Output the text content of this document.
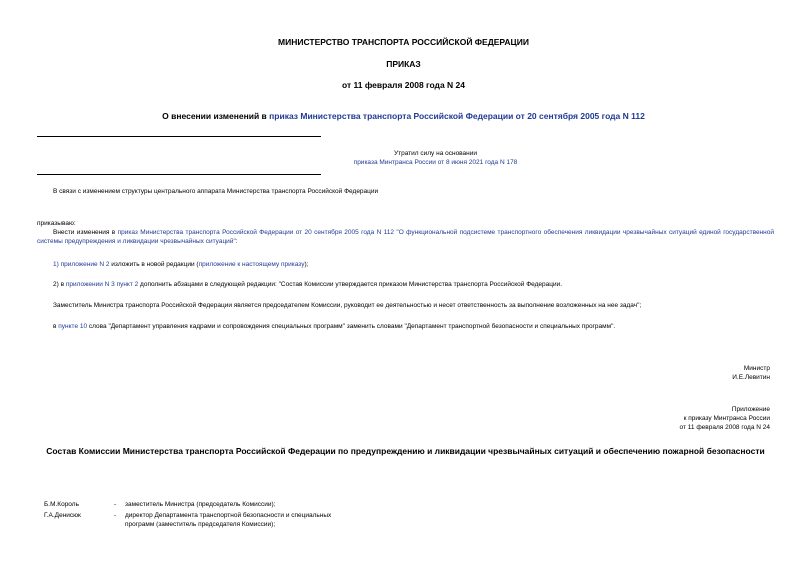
МИНИСТЕРСТВО ТРАНСПОРТА РОССИЙСКОЙ ФЕДЕРАЦИИ
ПРИКАЗ
от 11 февраля 2008 года N 24
О внесении изменений в приказ Министерства транспорта Российской Федерации от 20 сентября 2005 года N 112
Утратил силу на основании
приказа Минтранса России от 8 июня 2021 года N 178
В связи с изменением структуры центрального аппарата Министерства транспорта Российской Федерации
приказываю:
Внести изменения в приказ Министерства транспорта Российской Федерации от 20 сентября 2005 года N 112 "О функциональной подсистеме транспортного обеспечения ликвидации чрезвычайных ситуаций единой государственной системы предупреждения и ликвидации чрезвычайных ситуаций":
1) приложение N 2 изложить в новой редакции (приложение к настоящему приказу);
2) в приложении N 3 пункт 2 дополнить абзацами в следующей редакции: "Состав Комиссии утверждается приказом Министерства транспорта Российской Федерации.
Заместитель Министра транспорта Российской Федерации является председателем Комиссии, руководит ее деятельностью и несет ответственность за выполнение возложенных на нее задач";
в пункте 10 слова "Департамент управления кадрами и сопровождения специальных программ" заменить словами "Департамент транспортной безопасности и специальных программ".
Министр
И.Е.Левитин
Приложение
к приказу Минтранса России
от 11 февраля 2008 года N 24
Состав Комиссии Министерства транспорта Российской Федерации по предупреждению и ликвидации чрезвычайных ситуаций и обеспечению пожарной безопасности
Б.М.Король	-	заместитель Министра (председатель Комиссии);
Г.А.Денисюк	-	директор Департамента транспортной безопасности и специальных программ (заместитель председателя Комиссии);
